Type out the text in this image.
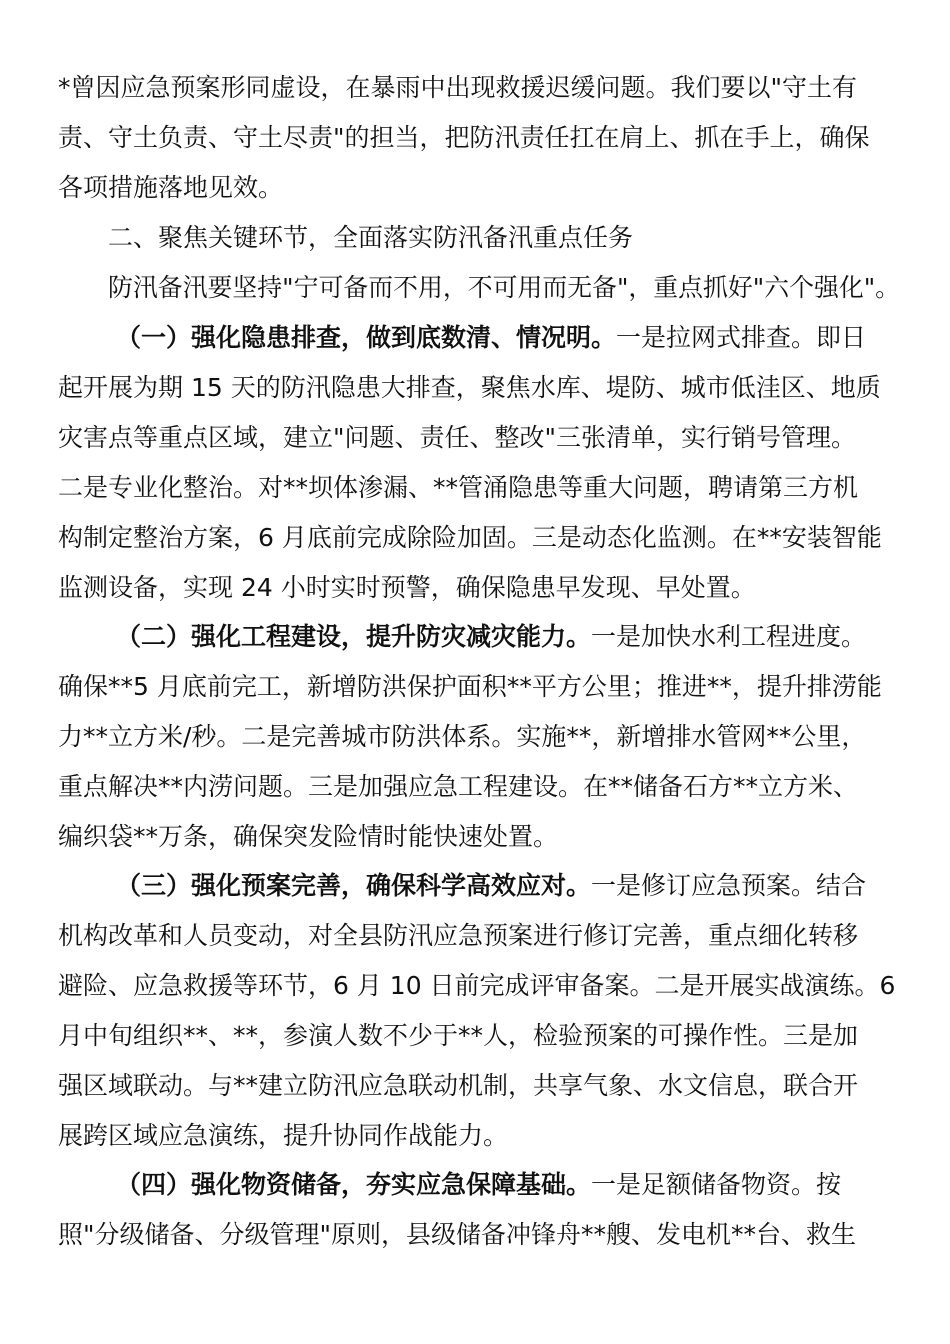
*曾因应急预案形同虚设，在暴雨中出现救援迟缓问题。我们要以"守土有
责、守土负责、守土尽责"的担当，把防汛责任扛在肩上、抓在手上，确保
各项措施落地见效。
二、聚焦关键环节，全面落实防汛备汛重点任务
防汛备汛要坚持"宁可备而不用，不可用而无备"，重点抓好"六个强化"。
（一）强化隐患排查，做到底数清、情况明。一是拉网式排查。即日
起开展为期 15 天的防汛隐患大排查，聚焦水库、堤防、城市低洼区、地质
灾害点等重点区域，建立"问题、责任、整改"三张清单，实行销号管理。
二是专业化整治。对**坝体渗漏、**管涌隐患等重大问题，聘请第三方机
构制定整治方案，6 月底前完成除险加固。三是动态化监测。在**安装智能
监测设备，实现 24 小时实时预警，确保隐患早发现、早处置。
（二）强化工程建设，提升防灾减灾能力。一是加快水利工程进度。
确保**5 月底前完工，新增防洪保护面积**平方公里；推进**，提升排涝能
力**立方米/秒。二是完善城市防洪体系。实施**，新增排水管网**公里，
重点解决**内涝问题。三是加强应急工程建设。在**储备石方**立方米、
编织袋**万条，确保突发险情时能快速处置。
（三）强化预案完善，确保科学高效应对。一是修订应急预案。结合
机构改革和人员变动，对全县防汛应急预案进行修订完善，重点细化转移
避险、应急救援等环节，6 月 10 日前完成评审备案。二是开展实战演练。6
月中旬组织**、**，参演人数不少于**人，检验预案的可操作性。三是加
强区域联动。与**建立防汛应急联动机制，共享气象、水文信息，联合开
展跨区域应急演练，提升协同作战能力。
（四）强化物资储备，夯实应急保障基础。一是足额储备物资。按
照"分级储备、分级管理"原则，县级储备冲锋舟**艘、发电机**台、救生
